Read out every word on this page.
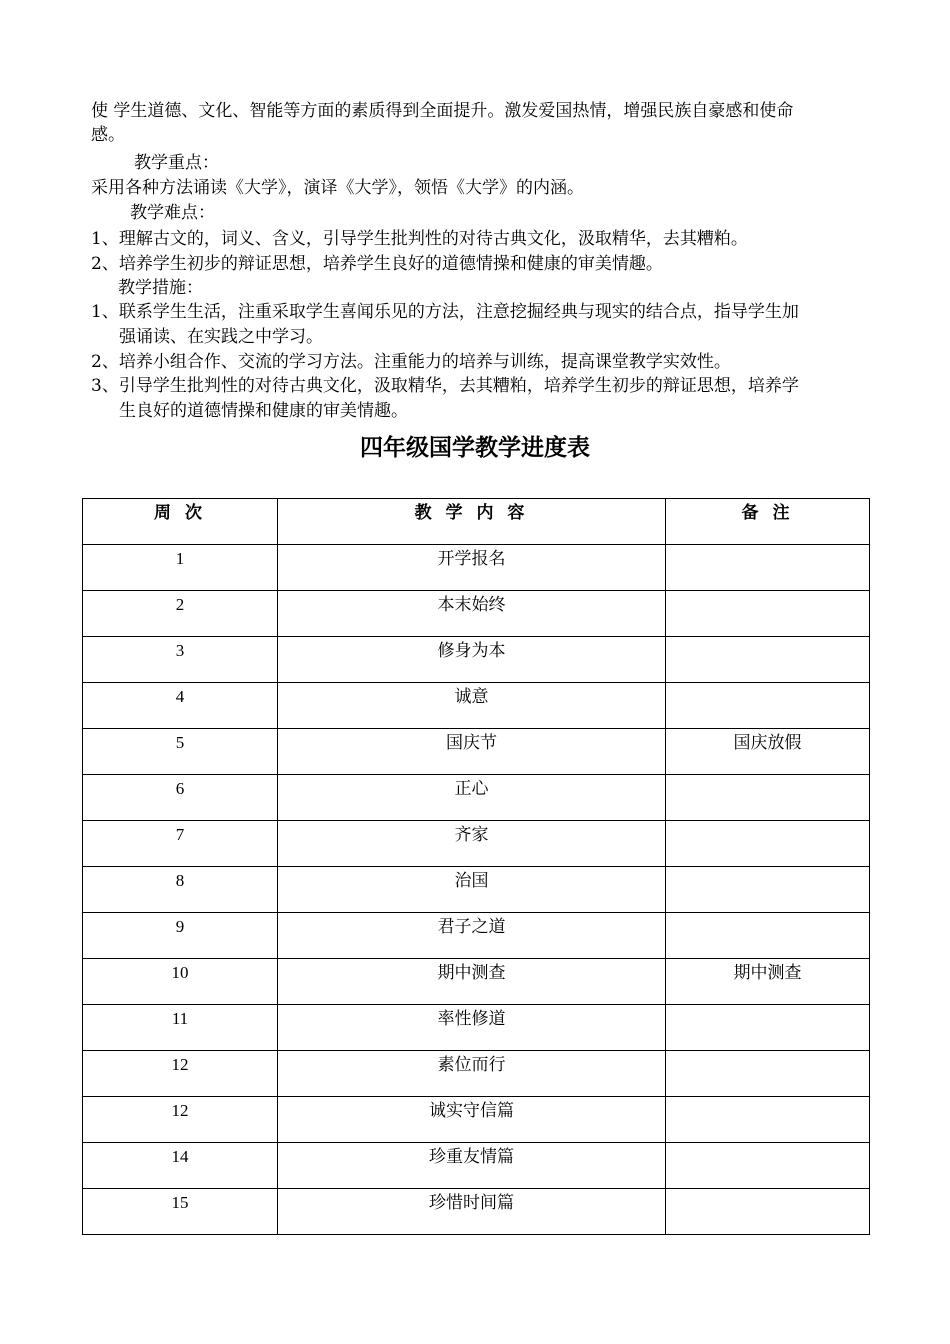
使 学生道德、文化、智能等方面的素质得到全面提升。激发爱国热情，增强民族自豪感和使命
感。
教学重点：
采用各种方法诵读《大学》，演译《大学》，领悟《大学》的内涵。
教学难点：
1、理解古文的，词义、含义，引导学生批判性的对待古典文化，汲取精华，去其糟粕。
2、培养学生初步的辩证思想，培养学生良好的道德情操和健康的审美情趣。
教学措施：
1、联系学生生活，注重采取学生喜闻乐见的方法，注意挖掘经典与现实的结合点，指导学生加
强诵读、在实践之中学习。
2、培养小组合作、交流的学习方法。注重能力的培养与训练，提高课堂教学实效性。
3、引导学生批判性的对待古典文化，汲取精华，去其糟粕，培养学生初步的辩证思想，培养学
生良好的道德情操和健康的审美情趣。
四年级国学教学进度表
周 次	教 学 内 容	备 注
1	开学报名	
2	本末始终	
3	修身为本	
4	诚意	
5	国庆节	国庆放假
6	正心	
7	齐家	
8	治国	
9	君子之道	
10	期中测查	期中测查
11	率性修道	
12	素位而行	
12	诚实守信篇	
14	珍重友情篇	
15	珍惜时间篇	
